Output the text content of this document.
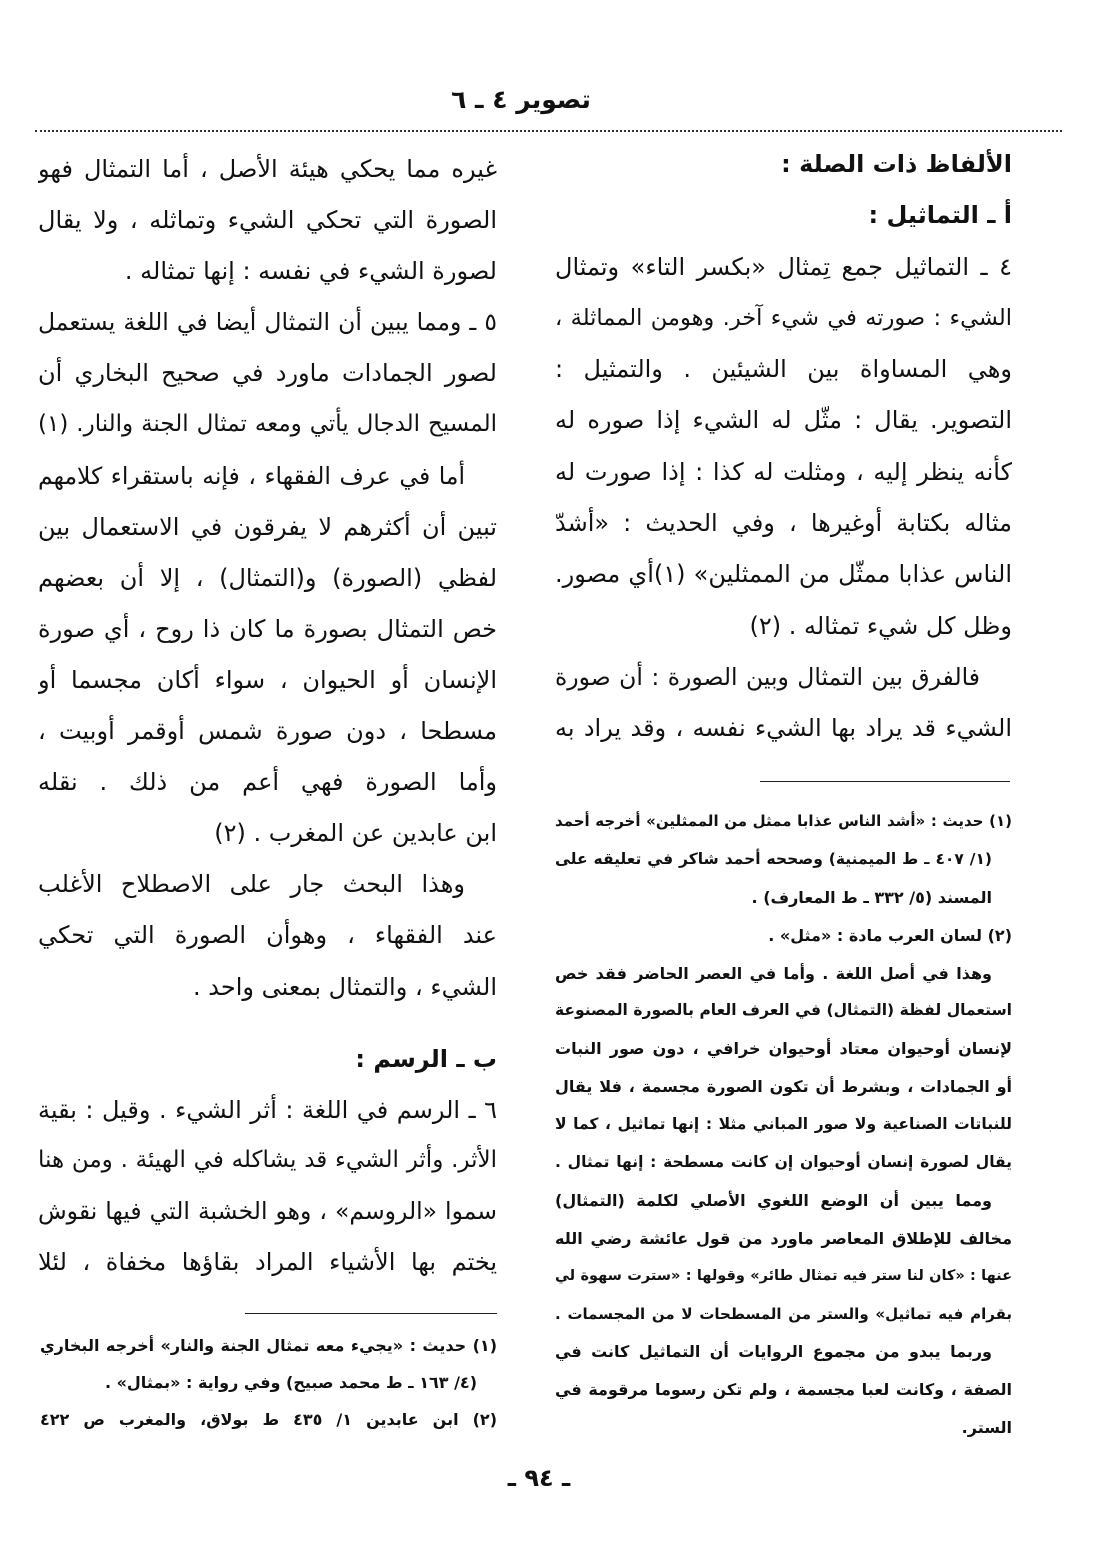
تصوير ٤ ـ ٦
الألفاظ ذات الصلة :
أ ـ التماثيل :
٤ ـ التماثيل جمع تِمثال «بكسر التاء» وتمثال
الشيء : صورته في شيء آخر. وهومن المماثلة ،
وهي المساواة بين الشيئين . والتمثيل :
التصوير. يقال : مثّل له الشيء إذا صوره له
كأنه ينظر إليه ، ومثلت له كذا : إذا صورت له
مثاله بكتابة أوغيرها ، وفي الحديث : «أشدّ
الناس عذابا ممثّل من الممثلين» (١)أي مصور.
وظل كل شيء تمثاله . (٢)
فالفرق بين التمثال وبين الصورة : أن صورة
الشيء قد يراد بها الشيء نفسه ، وقد يراد به
(١) حديث : «أشد الناس عذابا ممثل من الممثلين» أخرجه أحمد
(١/ ٤٠٧ ـ ط الميمنية) وصححه أحمد شاكر في تعليقه على
المسند (٥/ ٣٣٢ ـ ط المعارف) .
(٢) لسان العرب مادة : «مثل» .
وهذا في أصل اللغة . وأما في العصر الحاضر فقد خص
استعمال لفظة (التمثال) في العرف العام بالصورة المصنوعة
لإنسان أوحيوان معتاد أوحيوان خرافي ، دون صور النبات
أو الجمادات ، وبشرط أن تكون الصورة مجسمة ، فلا يقال
للنباتات الصناعية ولا صور المباني مثلا : إنها تماثيل ، كما لا
يقال لصورة إنسان أوحيوان إن كانت مسطحة : إنها تمثال .
ومما يبين أن الوضع اللغوي الأصلي لكلمة (التمثال)
مخالف للإطلاق المعاصر ماورد من قول عائشة رضي الله
عنها : «كان لنا ستر فيه تمثال طائر» وقولها : «سترت سهوة لي
بقرام فيه تماثيل» والستر من المسطحات لا من المجسمات .
وربما يبدو من مجموع الروايات أن التماثيل كانت في
الصفة ، وكانت لعبا مجسمة ، ولم تكن رسوما مرقومة في
الستر.
غيره مما يحكي هيئة الأصل ، أما التمثال فهو
الصورة التي تحكي الشيء وتماثله ، ولا يقال
لصورة الشيء في نفسه : إنها تمثاله .
٥ ـ ومما يبين أن التمثال أيضا في اللغة يستعمل
لصور الجمادات ماورد في صحيح البخاري أن
المسيح الدجال يأتي ومعه تمثال الجنة والنار. (١)
أما في عرف الفقهاء ، فإنه باستقراء كلامهم
تبين أن أكثرهم لا يفرقون في الاستعمال بين
لفظي (الصورة) و(التمثال) ، إلا أن بعضهم
خص التمثال بصورة ما كان ذا روح ، أي صورة
الإنسان أو الحيوان ، سواء أكان مجسما أو
مسطحا ، دون صورة شمس أوقمر أوبيت ،
وأما الصورة فهي أعم من ذلك . نقله
ابن عابدين عن المغرب . (٢)
وهذا البحث جار على الاصطلاح الأغلب
عند الفقهاء ، وهوأن الصورة التي تحكي
الشيء ، والتمثال بمعنى واحد .
ب ـ الرسم :
٦ ـ الرسم في اللغة : أثر الشيء . وقيل : بقية
الأثر. وأثر الشيء قد يشاكله في الهيئة . ومن هنا
سموا «الروسم» ، وهو الخشبة التي فيها نقوش
يختم بها الأشياء المراد بقاؤها مخفاة ، لئلا
(١) حديث : «يجيء معه تمثال الجنة والنار» أخرجه البخاري
(٤/ ١٦٣ ـ ط محمد صبيح) وفي رواية : «بمثال» .
(٢) ابن عابدين ١/ ٤٣٥ ط بولاق، والمغرب ص ٤٢٢
ـ ٩٤ ـ
